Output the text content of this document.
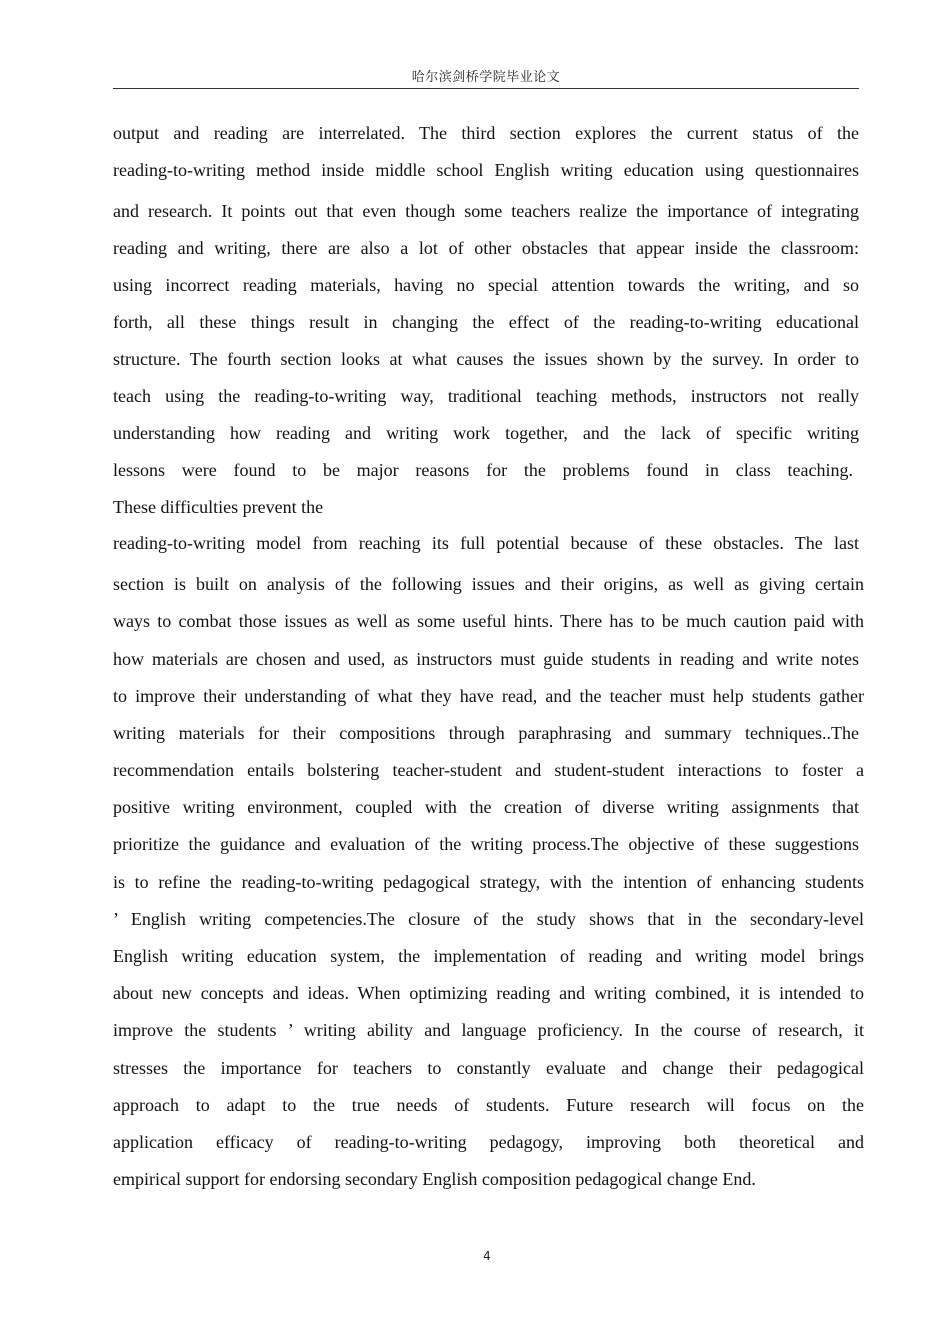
哈尔滨剑桥学院毕业论文
output and reading are interrelated. The third section explores the current status of the
reading-to-writing method inside middle school English writing education using questionnaires
and research. It points out that even though some teachers realize the importance of integrating
reading and writing, there are also a lot of other obstacles that appear inside the classroom:
using incorrect reading materials, having no special attention towards the writing, and so
forth, all these things result in changing the effect of the reading-to-writing educational
structure. The fourth section looks at what causes the issues shown by the survey. In order to
teach using the reading-to-writing way, traditional teaching methods, instructors not really
understanding how reading and writing work together, and the lack of specific writing
lessons were found to be major reasons for the problems found in class teaching.
These difficulties prevent the
reading-to-writing model from reaching its full potential because of these obstacles. The last
section is built on analysis of the following issues and their origins, as well as giving certain
ways to combat those issues as well as some useful hints. There has to be much caution paid with
how materials are chosen and used, as instructors must guide students in reading and write notes
to improve their understanding of what they have read, and the teacher must help students gather
writing materials for their compositions through paraphrasing and summary techniques..The
recommendation entails bolstering teacher-student and student-student interactions to foster a
positive writing environment, coupled with the creation of diverse writing assignments that
prioritize the guidance and evaluation of the writing process.The objective of these suggestions
is to refine the reading-to-writing pedagogical strategy, with the intention of enhancing students
’ English writing competencies.The closure of the study shows that in the secondary-level
English writing education system, the implementation of reading and writing model brings
about new concepts and ideas. When optimizing reading and writing combined, it is intended to
improve the students ’ writing ability and language proficiency. In the course of research, it
stresses the importance for teachers to constantly evaluate and change their pedagogical
approach to adapt to the true needs of students. Future research will focus on the
application efficacy of reading-to-writing pedagogy, improving both theoretical and
empirical support for endorsing secondary English composition pedagogical change End.
4
